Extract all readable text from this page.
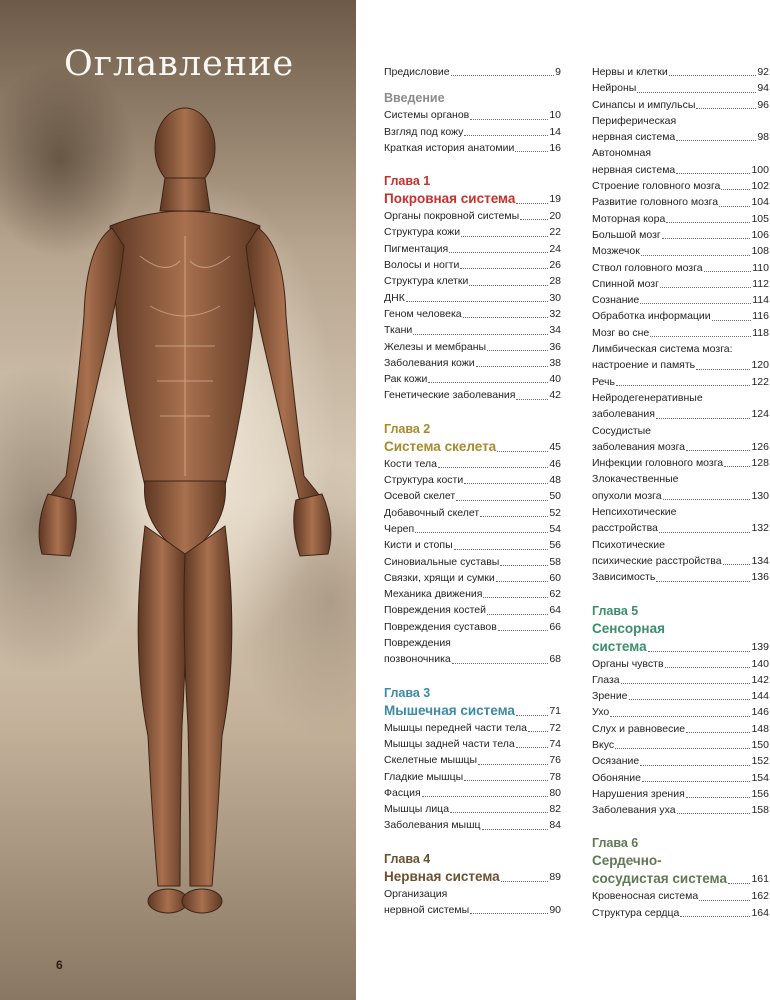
Оглавление
6
Предисловие	9
Введение
Системы органов	10
Взгляд под кожу	14
Краткая история анатомии	16
Глава 1
Покровная система	19
Органы покровной системы	20
Структура кожи	22
Пигментация	24
Волосы и ногти	26
Структура клетки	28
ДНК	30
Геном человека	32
Ткани	34
Железы и мембраны	36
Заболевания кожи	38
Рак кожи	40
Генетические заболевания	42
Глава 2
Система скелета	45
Кости тела	46
Структура кости	48
Осевой скелет	50
Добавочный скелет	52
Череп	54
Кисти и стопы	56
Синовиальные суставы	58
Связки, хрящи и сумки	60
Механика движения	62
Повреждения костей	64
Повреждения суставов	66
Повреждения
позвоночника	68
Глава 3
Мышечная система	71
Мышцы передней части тела 72
Мышцы задней части тела	74
Скелетные мышцы	76
Гладкие мышцы	78
Фасция	80
Мышцы лица	82
Заболевания мышц	84
Глава 4
Нервная система	89
Организация
нервной системы	90
Нервы и клетки	92
Нейроны	94
Синапсы и импульсы	96
Периферическая
нервная система	98
Автономная
нервная система	100
Строение головного мозга	102
Развитие головного мозга	104
Моторная кора	105
Большой мозг	106
Мозжечок	108
Ствол головного мозга	110
Спинной мозг	112
Сознание	114
Обработка информации	116
Мозг во сне	118
Лимбическая система мозга:
настроение и память	120
Речь	122
Нейродегенеративные
заболевания	124
Сосудистые
заболевания мозга	126
Инфекции головного мозга	128
Злокачественные
опухоли мозга	130
Непсихотические
расстройства	132
Психотические
психические расстройства	134
Зависимость	136
Глава 5
Сенсорная
система	139
Органы чувств	140
Глаза	142
Зрение	144
Ухо	146
Слух и равновесие	148
Вкус	150
Осязание	152
Обоняние	154
Нарушения зрения	156
Заболевания уха	158
Глава 6
Сердечно-
сосудистая система 161
Кровеносная система	162
Структура сердца	164
